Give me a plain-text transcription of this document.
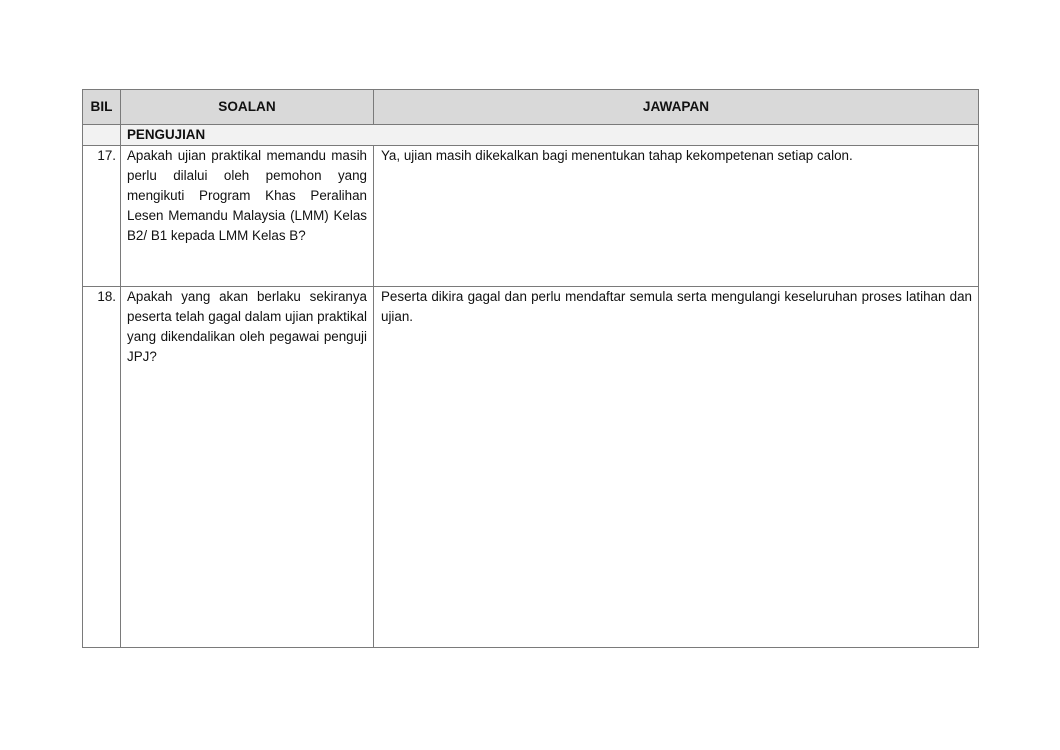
BIL	SOALAN	JAWAPAN
	PENGUJIAN	
17.	Apakah ujian praktikal memandu masih perlu dilalui oleh pemohon yang mengikuti Program Khas Peralihan Lesen Memandu Malaysia (LMM) Kelas B2/ B1 kepada LMM Kelas B?	Ya, ujian masih dikekalkan bagi menentukan tahap kekompetenan setiap calon.
18.	Apakah yang akan berlaku sekiranya peserta telah gagal dalam ujian praktikal yang dikendalikan oleh pegawai penguji JPJ?	Peserta dikira gagal dan perlu mendaftar semula serta mengulangi keseluruhan proses latihan dan ujian.
